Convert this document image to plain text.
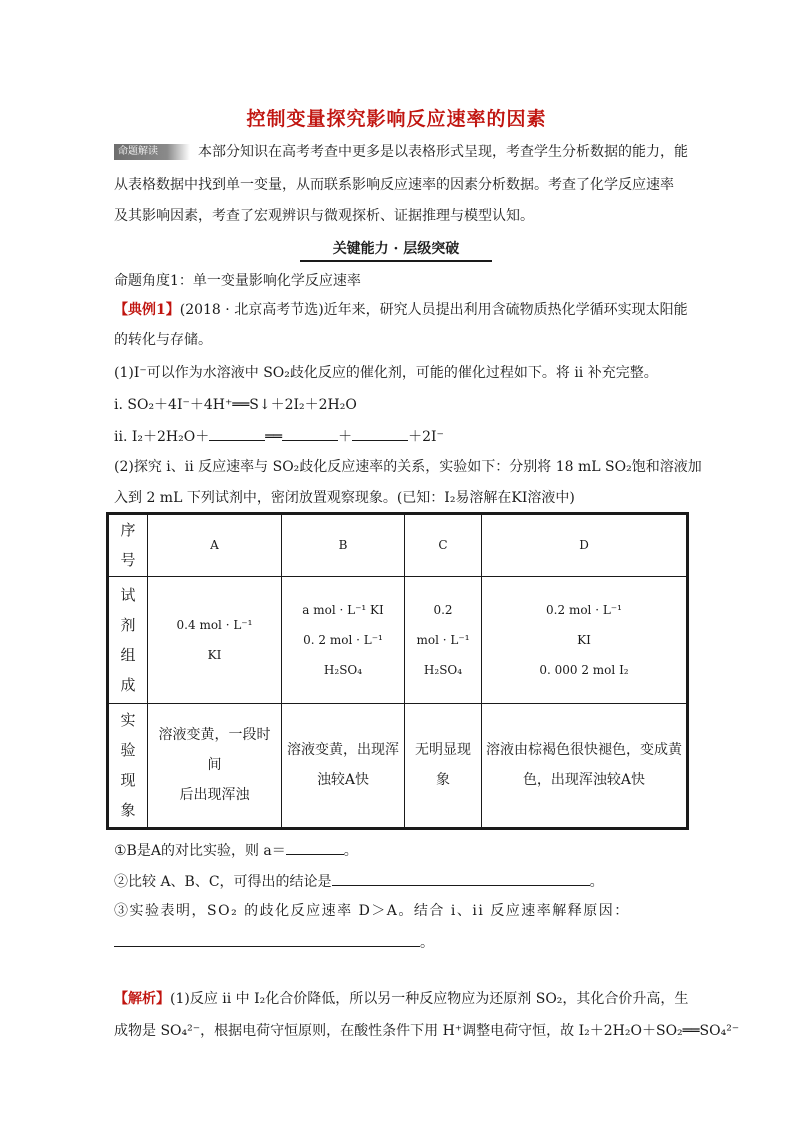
控制变量探究影响反应速率的因素
命题解读	本部分知识在高考考查中更多是以表格形式呈现，考查学生分析数据的能力，能
从表格数据中找到单一变量，从而联系影响反应速率的因素分析数据。考查了化学反应速率
及其影响因素，考查了宏观辨识与微观探析、证据推理与模型认知。
关键能力 · 层级突破
命题角度1：单一变量影响化学反应速率
【典例1】(2018 · 北京高考节选)近年来，研究人员提出利用含硫物质热化学循环实现太阳能
的转化与存储。
(1)I⁻可以作为水溶液中 SO₂歧化反应的催化剂，可能的催化过程如下。将 ii 补充完整。
i. SO₂＋4I⁻＋4H⁺══S↓＋2I₂＋2H₂O
ii. I₂＋2H₂O＋	══	＋	＋2I⁻
(2)探究 i、ii 反应速率与 SO₂歧化反应速率的关系，实验如下：分别将 18 mL SO₂饱和溶液加
入到 2 mL 下列试剂中，密闭放置观察现象。(已知：I₂易溶解在KI溶液中)
序号	A	B	C	D

试剂组成	0.4 mol · L⁻¹
KI	a mol · L⁻¹ KI
0. 2 mol · L⁻¹
H₂SO₄	0.2
mol · L⁻¹
H₂SO₄	0.2 mol · L⁻¹
KI
0. 000 2 mol I₂

实验现象	溶液变黄，一段时间
后出现浑浊	溶液变黄，出现浑
浊较A快	无明显现
象	溶液由棕褐色很快褪色，变成黄
色，出现浑浊较A快
①B是A的对比实验，则 a＝	。
②比较 A、B、C，可得出的结论是	。
③实验表明，SO₂ 的歧化反应速率 D＞A。结合 i、ii 反应速率解释原因：
。
【解析】(1)反应 ii 中 I₂化合价降低，所以另一种反应物应为还原剂 SO₂，其化合价升高，生
成物是 SO₄²⁻，根据电荷守恒原则，在酸性条件下用 H⁺调整电荷守恒，故 I₂＋2H₂O＋SO₂══SO₄²⁻
